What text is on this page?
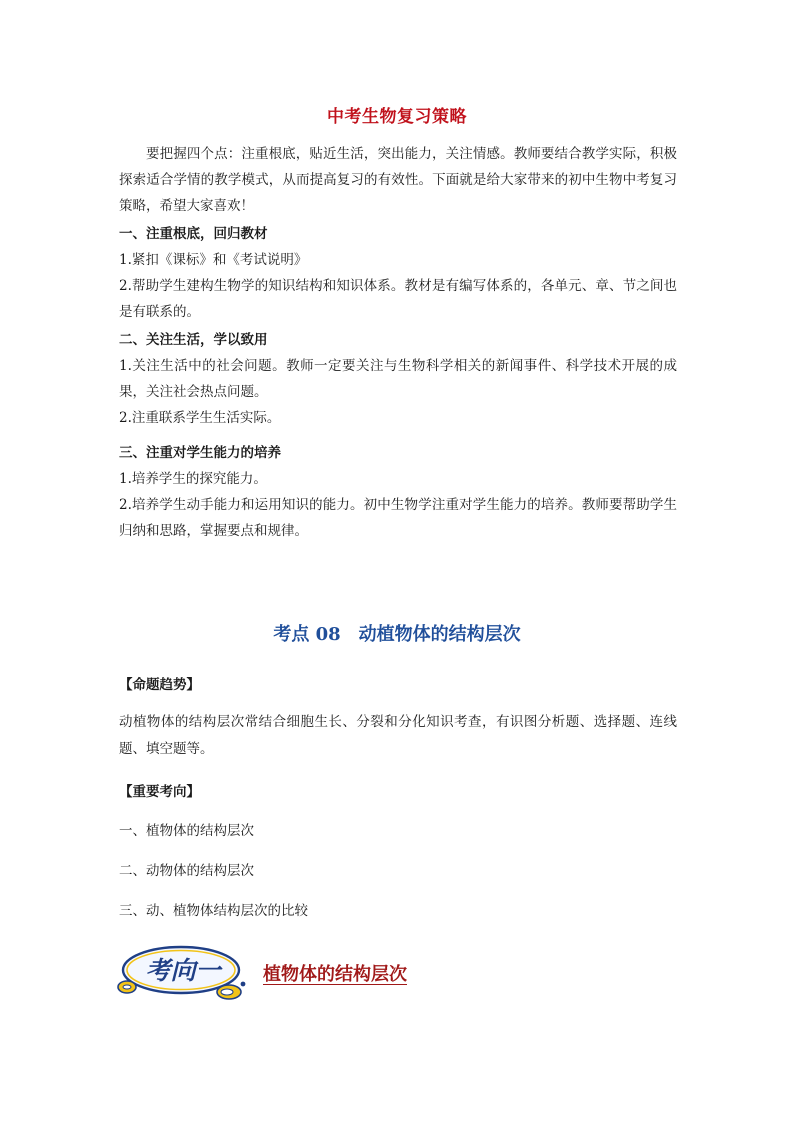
中考生物复习策略
要把握四个点：注重根底，贴近生活，突出能力，关注情感。教师要结合教学实际，积极探索适合学情的教学模式，从而提高复习的有效性。下面就是给大家带来的初中生物中考复习策略，希望大家喜欢！
一、注重根底，回归教材
1.紧扣《课标》和《考试说明》
2.帮助学生建构生物学的知识结构和知识体系。教材是有编写体系的，各单元、章、节之间也是有联系的。
二、关注生活，学以致用
1.关注生活中的社会问题。教师一定要关注与生物科学相关的新闻事件、科学技术开展的成果，关注社会热点问题。
2.注重联系学生生活实际。
三、注重对学生能力的培养
1.培养学生的探究能力。
2.培养学生动手能力和运用知识的能力。初中生物学注重对学生能力的培养。教师要帮助学生归纳和思路，掌握要点和规律。
考点 08 动植物体的结构层次
【命题趋势】
动植物体的结构层次常结合细胞生长、分裂和分化知识考查，有识图分析题、选择题、连线题、填空题等。
【重要考向】
一、植物体的结构层次
二、动物体的结构层次
三、动、植物体结构层次的比较
考向一 植物体的结构层次
